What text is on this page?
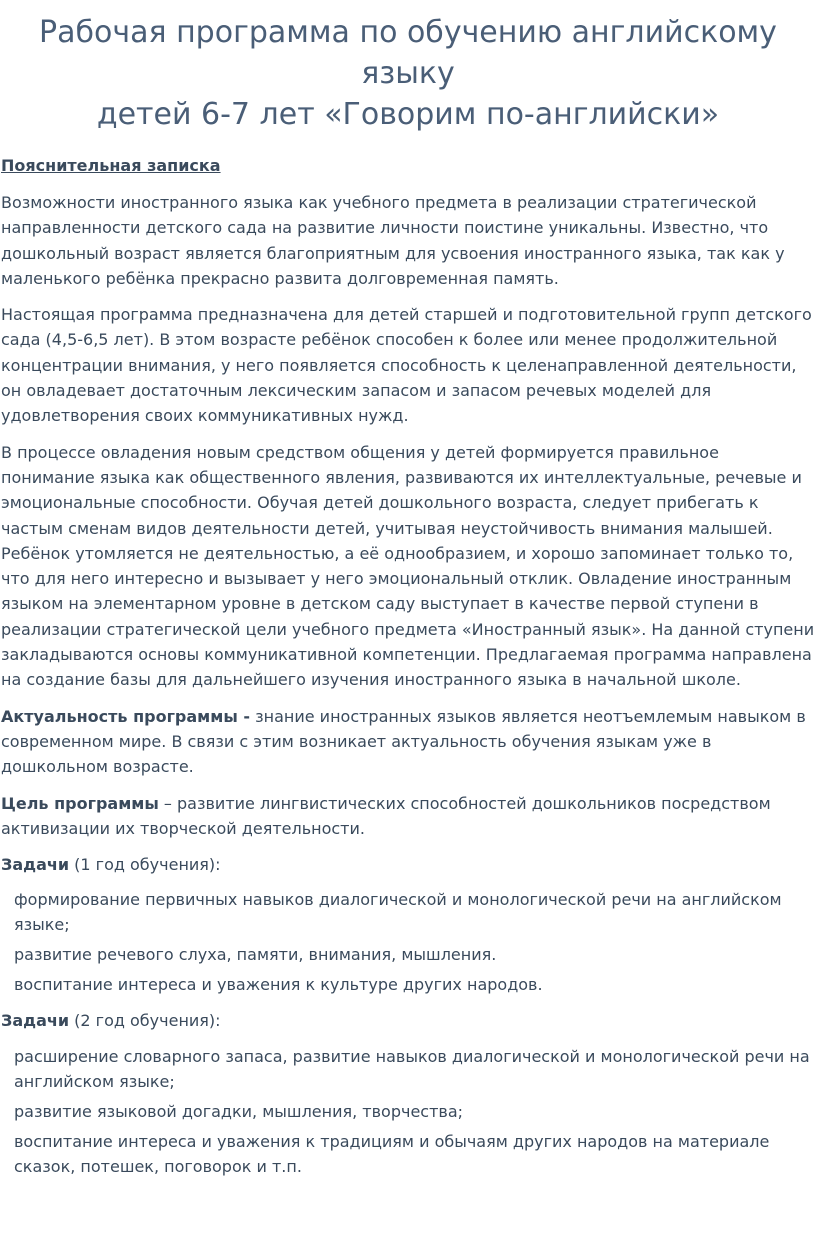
Рабочая программа по обучению английскому языку
детей 6-7 лет «Говорим по-английски»
Пояснительная записка

Возможности иностранного языка как учебного предмета в реализации стратегической направленности детского сада на развитие личности поистине уникальны. Известно, что дошкольный возраст является благоприятным для усвоения иностранного языка, так как у маленького ребёнка прекрасно развита долговременная память.

Настоящая программа предназначена для детей старшей и подготовительной групп детского сада (4,5-6,5 лет). В этом возрасте ребёнок способен к более или менее продолжительной концентрации внимания, у него появляется способность к целенаправленной деятельности, он овладевает достаточным лексическим запасом и запасом речевых моделей для удовлетворения своих коммуникативных нужд.

В процессе овладения новым средством общения у детей формируется правильное понимание языка как общественного явления, развиваются их интеллектуальные, речевые и эмоциональные способности. Обучая детей дошкольного возраста, следует прибегать к частым сменам видов деятельности детей, учитывая неустойчивость внимания малышей. Ребёнок утомляется не деятельностью, а её однообразием, и хорошо запоминает только то, что для него интересно и вызывает у него эмоциональный отклик. Овладение иностранным языком на элементарном уровне в детском саду выступает в качестве первой ступени в реализации стратегической цели учебного предмета «Иностранный язык». На данной ступени закладываются основы коммуникативной компетенции. Предлагаемая программа направлена на создание базы для дальнейшего изучения иностранного языка в начальной школе.

Актуальность программы - знание иностранных языков является неотъемлемым навыком в современном мире. В связи с этим возникает актуальность обучения языкам уже в дошкольном возрасте.

Цель программы – развитие лингвистических способностей дошкольников посредством активизации их творческой деятельности.

Задачи (1 год обучения):

формирование первичных навыков диалогической и монологической речи на английском языке;
развитие речевого слуха, памяти, внимания, мышления.
воспитание интереса и уважения к культуре других народов.

Задачи (2 год обучения):

расширение словарного запаса, развитие навыков диалогической и монологической речи на английском языке;
развитие языковой догадки, мышления, творчества;
воспитание интереса и уважения к традициям и обычаям других народов на материале сказок, потешек, поговорок и т.п.
